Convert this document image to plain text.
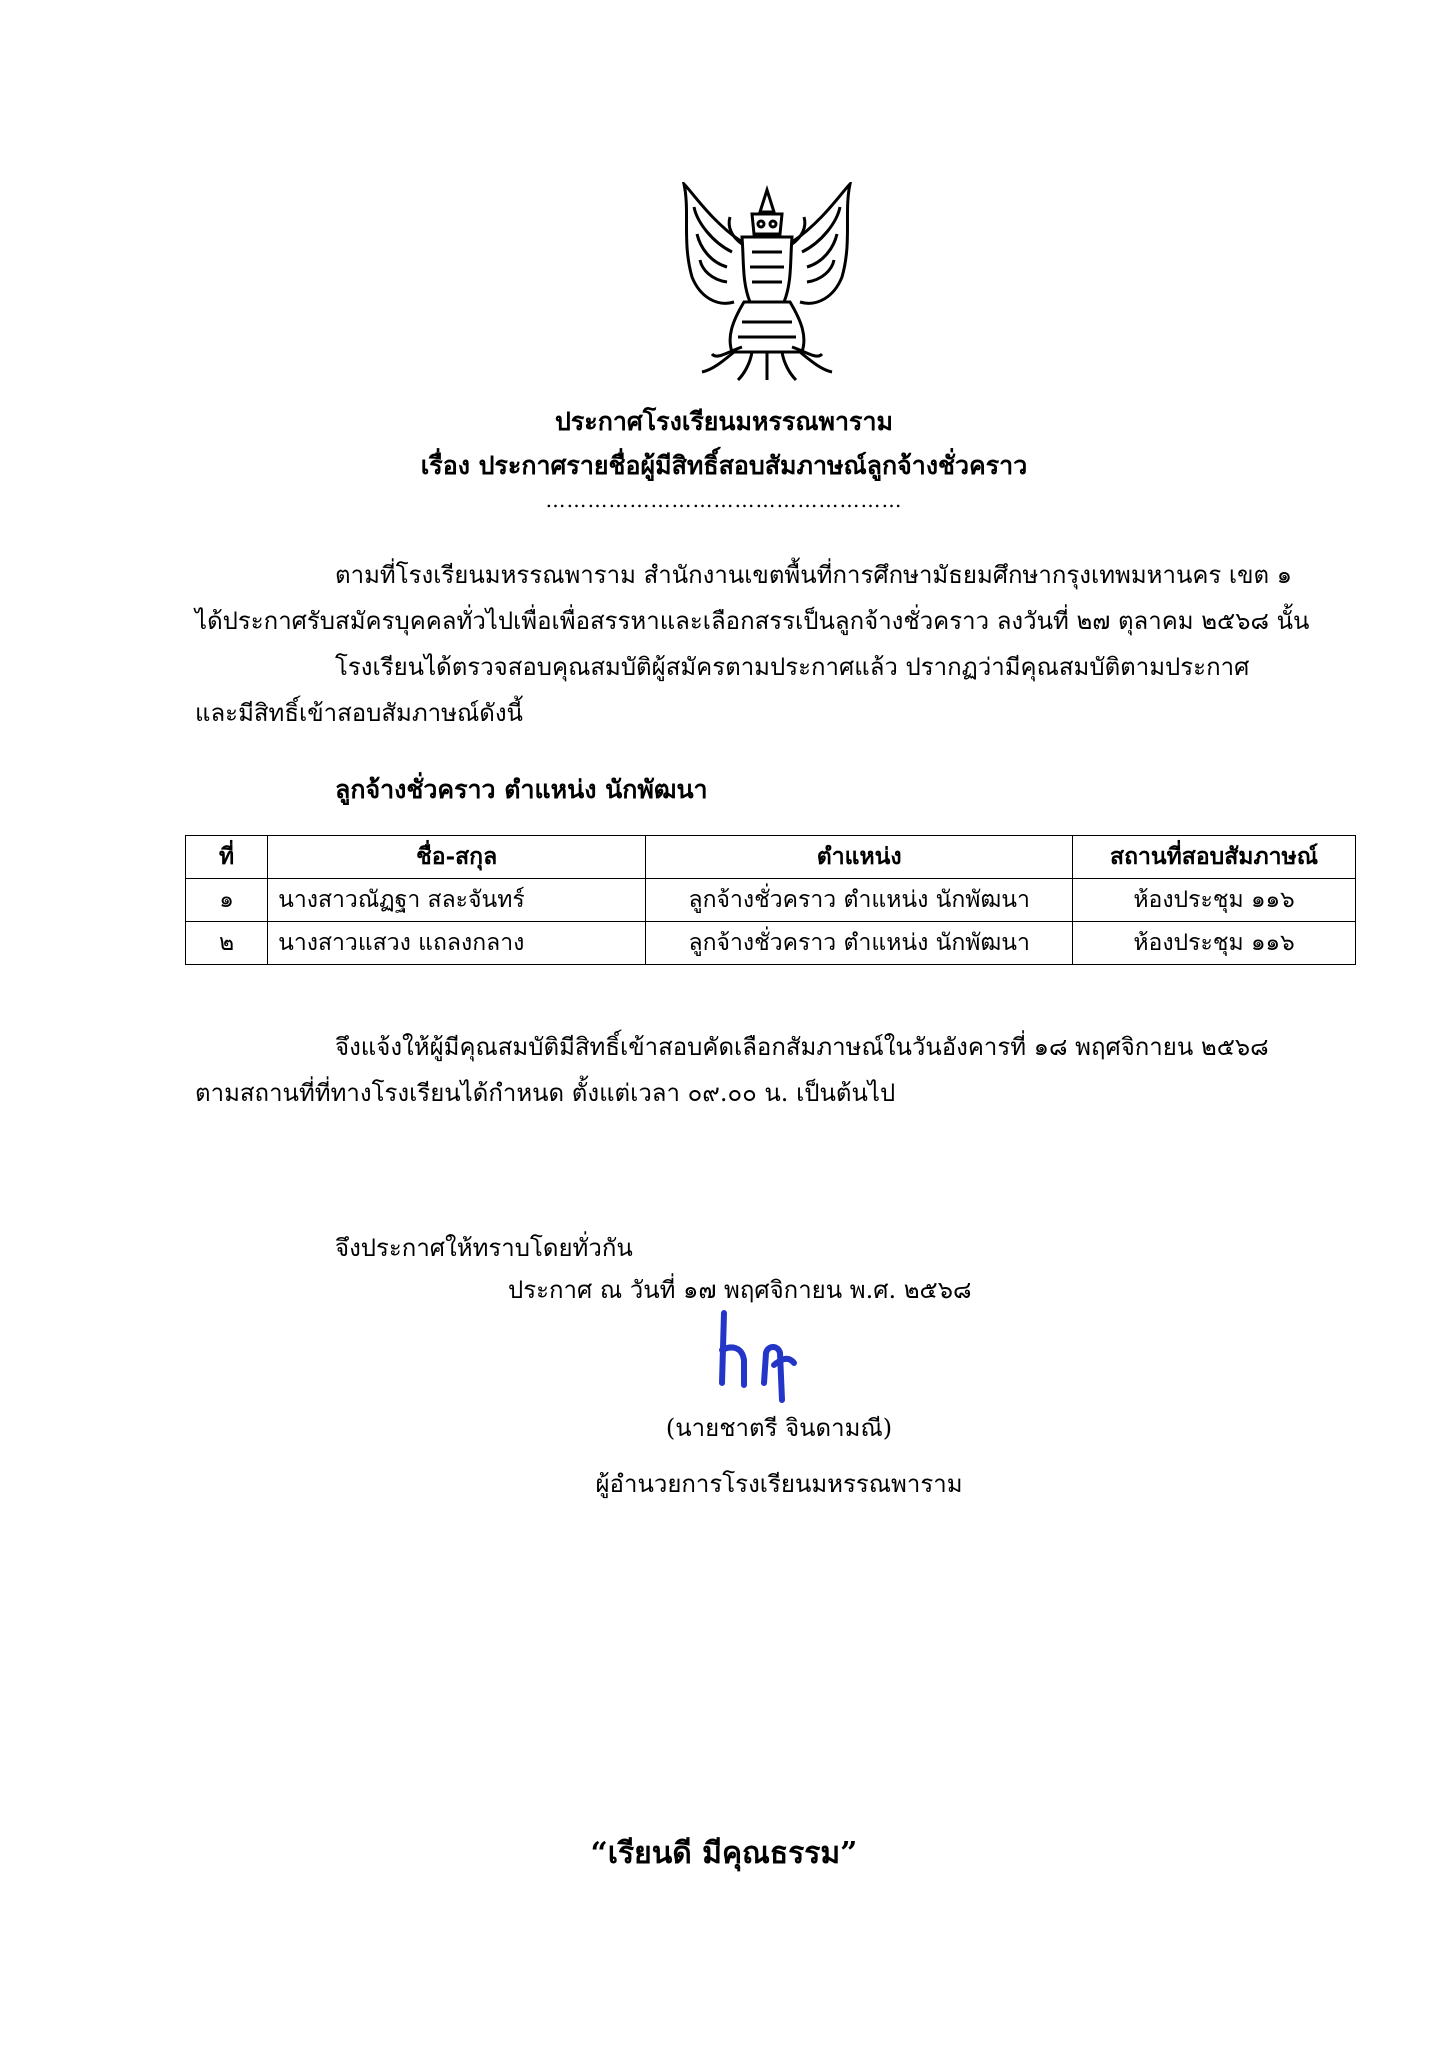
ประกาศโรงเรียนมหรรณพาราม
เรื่อง ประกาศรายชื่อผู้มีสิทธิ์สอบสัมภาษณ์ลูกจ้างชั่วคราว
……………………………………………
ตามที่โรงเรียนมหรรณพาราม สำนักงานเขตพื้นที่การศึกษามัธยมศึกษากรุงเทพมหานคร เขต ๑
ได้ประกาศรับสมัครบุคคลทั่วไปเพื่อเพื่อสรรหาและเลือกสรรเป็นลูกจ้างชั่วคราว ลงวันที่ ๒๗ ตุลาคม ๒๕๖๘ นั้น
โรงเรียนได้ตรวจสอบคุณสมบัติผู้สมัครตามประกาศแล้ว ปรากฏว่ามีคุณสมบัติตามประกาศ
และมีสิทธิ์เข้าสอบสัมภาษณ์ดังนี้
ลูกจ้างชั่วคราว ตำแหน่ง นักพัฒนา
ที่	ชื่อ-สกุล	ตำแหน่ง	สถานที่สอบสัมภาษณ์
๑	นางสาวณัฏฐา สละจันทร์	ลูกจ้างชั่วคราว ตำแหน่ง นักพัฒนา	ห้องประชุม ๑๑๖
๒	นางสาวแสวง แถลงกลาง	ลูกจ้างชั่วคราว ตำแหน่ง นักพัฒนา	ห้องประชุม ๑๑๖
จึงแจ้งให้ผู้มีคุณสมบัติมีสิทธิ์เข้าสอบคัดเลือกสัมภาษณ์ในวันอังคารที่ ๑๘ พฤศจิกายน ๒๕๖๘
ตามสถานที่ที่ทางโรงเรียนได้กำหนด ตั้งแต่เวลา ๐๙.๐๐ น. เป็นต้นไป
จึงประกาศให้ทราบโดยทั่วกัน
ประกาศ ณ วันที่ ๑๗ พฤศจิกายน พ.ศ. ๒๕๖๘
(นายชาตรี จินดามณี)
ผู้อำนวยการโรงเรียนมหรรณพาราม
“เรียนดี มีคุณธรรม”
